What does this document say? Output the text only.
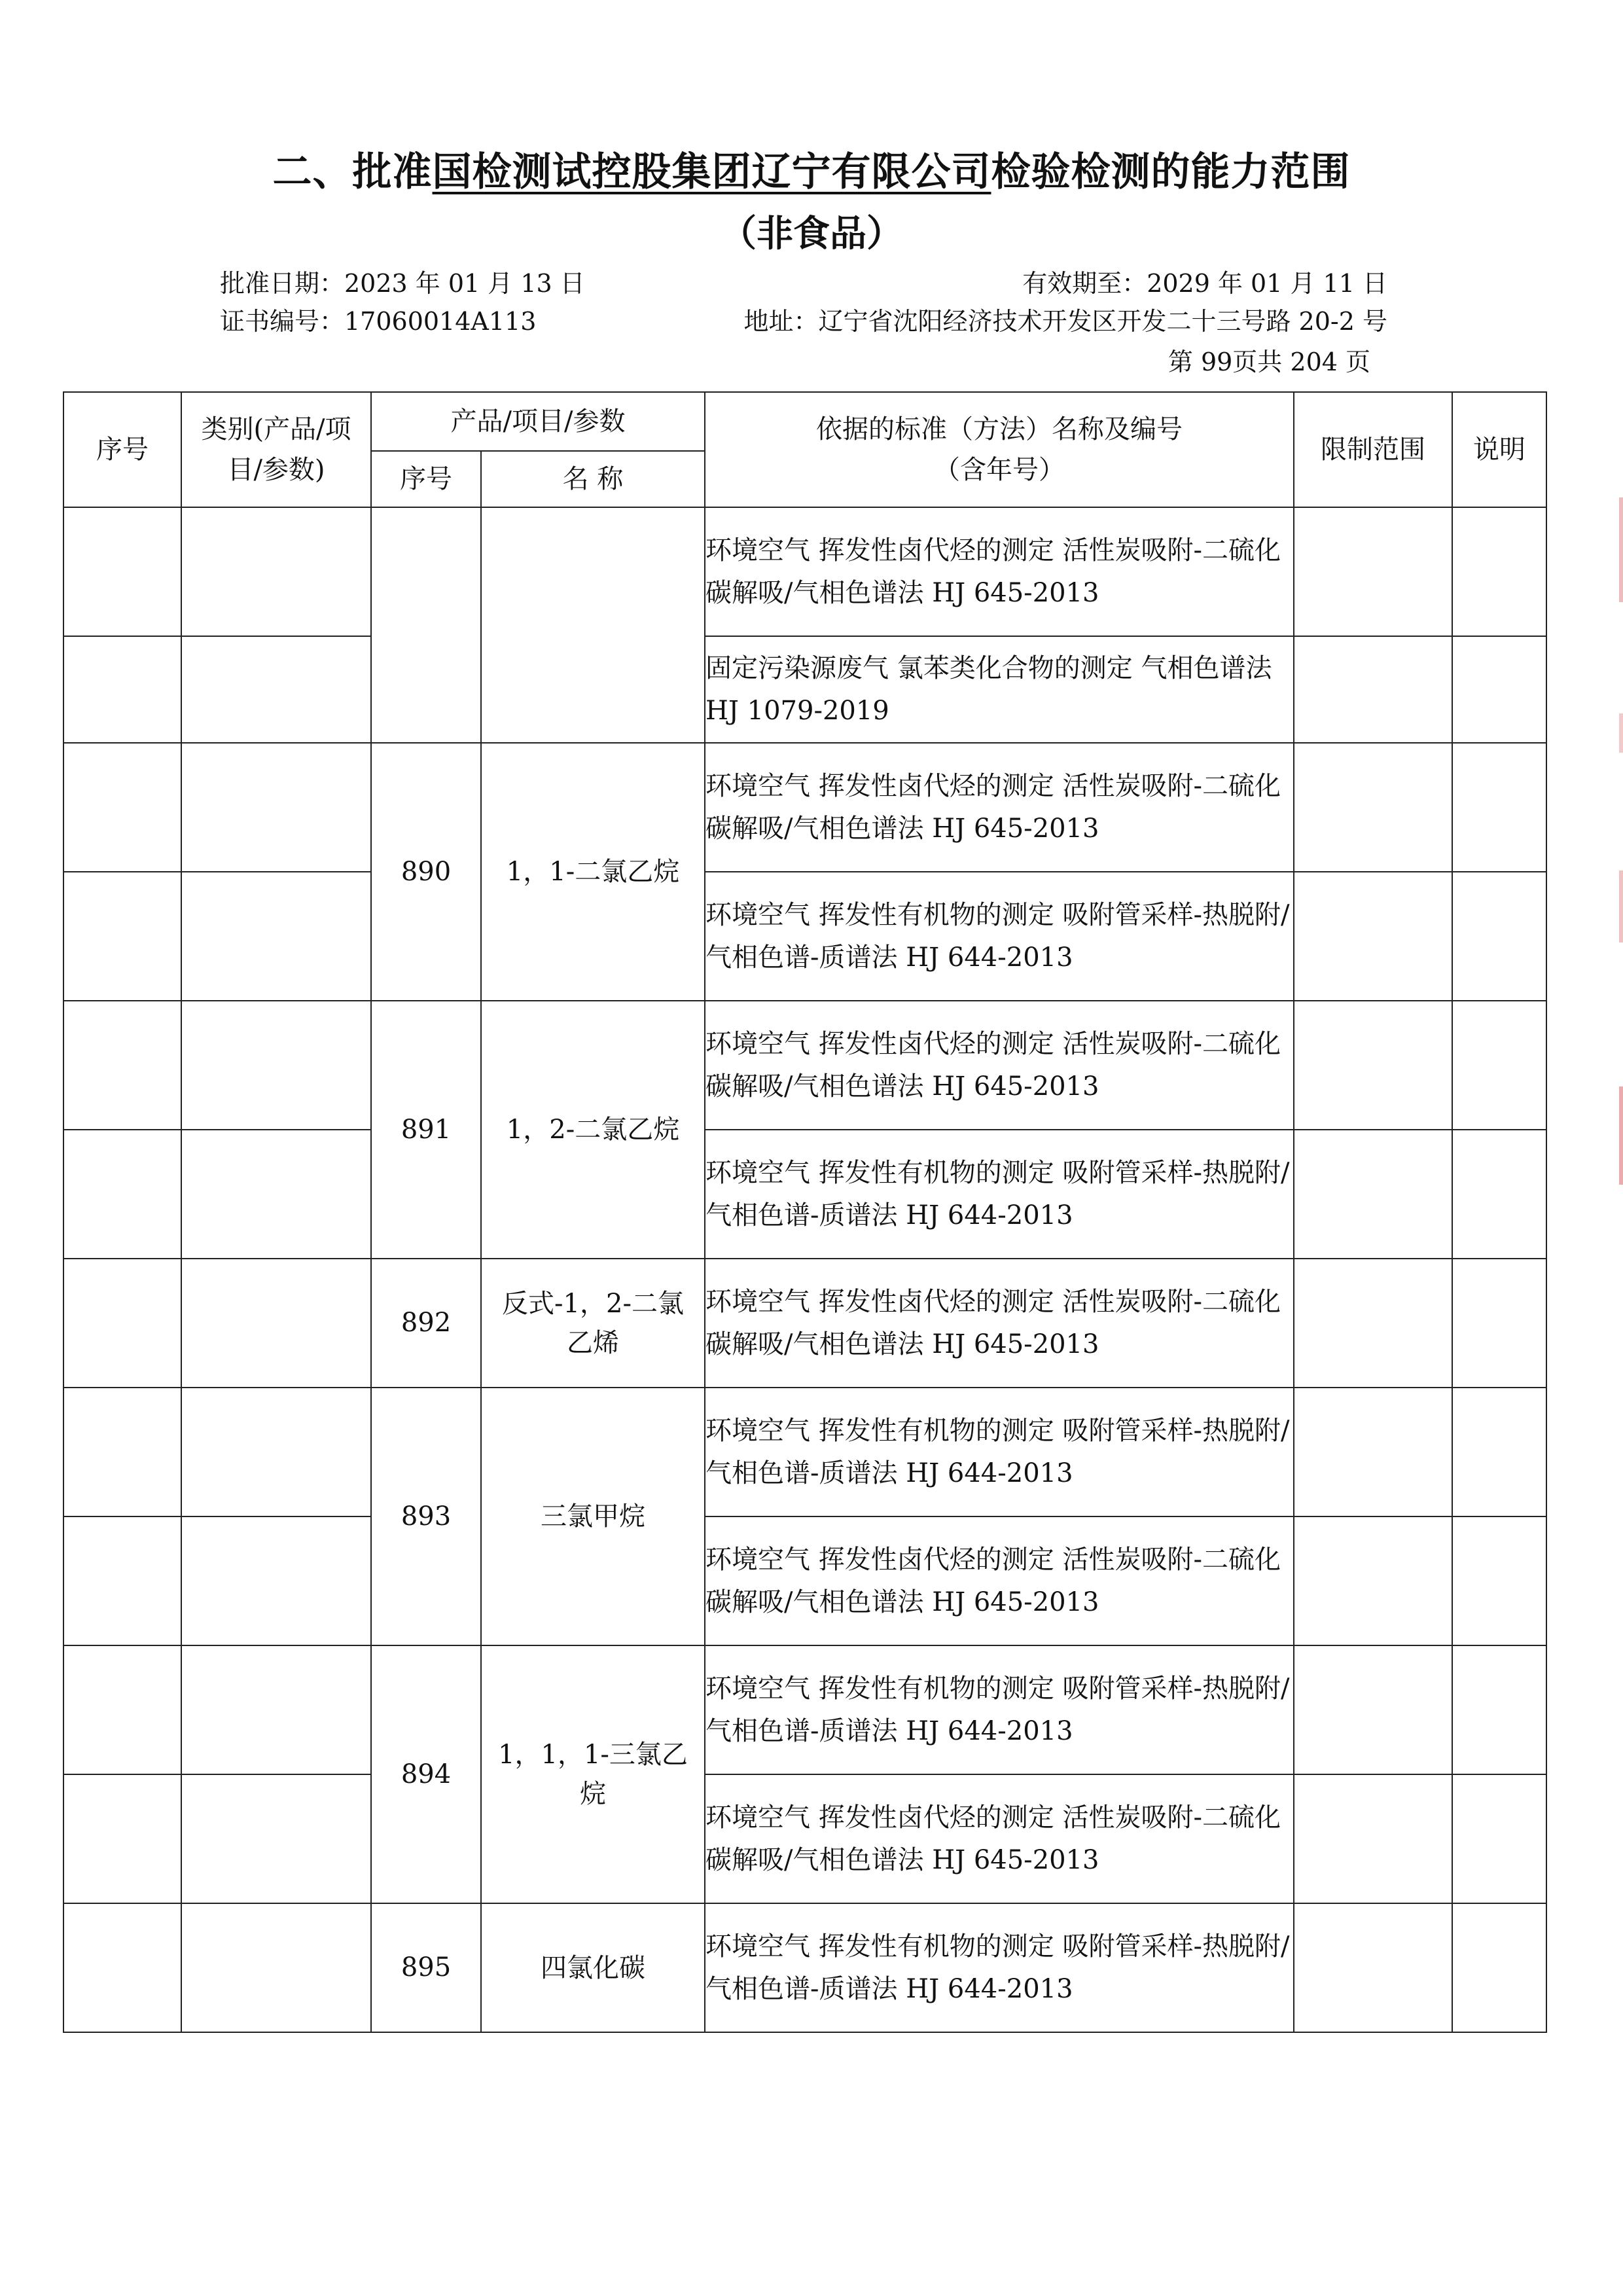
二、批准国检测试控股集团辽宁有限公司检验检测的能力范围
（非食品）
批准日期：2023 年 01 月 13 日	有效期至：2029 年 01 月 11 日
证书编号：17060014A113	地址：辽宁省沈阳经济技术开发区开发二十三号路 20-2 号
第 99页共 204 页
序号	类别(产品/项目/参数)	产品/项目/参数		依据的标准（方法）名称及编号（含年号）	限制范围	说明
		序号	名 称			
				环境空气 挥发性卤代烃的测定 活性炭吸附-二硫化碳解吸/气相色谱法 HJ 645-2013		
				固定污染源废气 氯苯类化合物的测定 气相色谱法 HJ 1079-2019		
		890	1，1-二氯乙烷	环境空气 挥发性卤代烃的测定 活性炭吸附-二硫化碳解吸/气相色谱法 HJ 645-2013		
				环境空气 挥发性有机物的测定 吸附管采样-热脱附/气相色谱-质谱法 HJ 644-2013		
		891	1，2-二氯乙烷	环境空气 挥发性卤代烃的测定 活性炭吸附-二硫化碳解吸/气相色谱法 HJ 645-2013		
				环境空气 挥发性有机物的测定 吸附管采样-热脱附/气相色谱-质谱法 HJ 644-2013		
		892	反式-1，2-二氯乙烯	环境空气 挥发性卤代烃的测定 活性炭吸附-二硫化碳解吸/气相色谱法 HJ 645-2013		
		893	三氯甲烷	环境空气 挥发性有机物的测定 吸附管采样-热脱附/气相色谱-质谱法 HJ 644-2013		
				环境空气 挥发性卤代烃的测定 活性炭吸附-二硫化碳解吸/气相色谱法 HJ 645-2013		
		894	1，1，1-三氯乙烷	环境空气 挥发性有机物的测定 吸附管采样-热脱附/气相色谱-质谱法 HJ 644-2013		
				环境空气 挥发性卤代烃的测定 活性炭吸附-二硫化碳解吸/气相色谱法 HJ 645-2013		
		895	四氯化碳	环境空气 挥发性有机物的测定 吸附管采样-热脱附/气相色谱-质谱法 HJ 644-2013		
